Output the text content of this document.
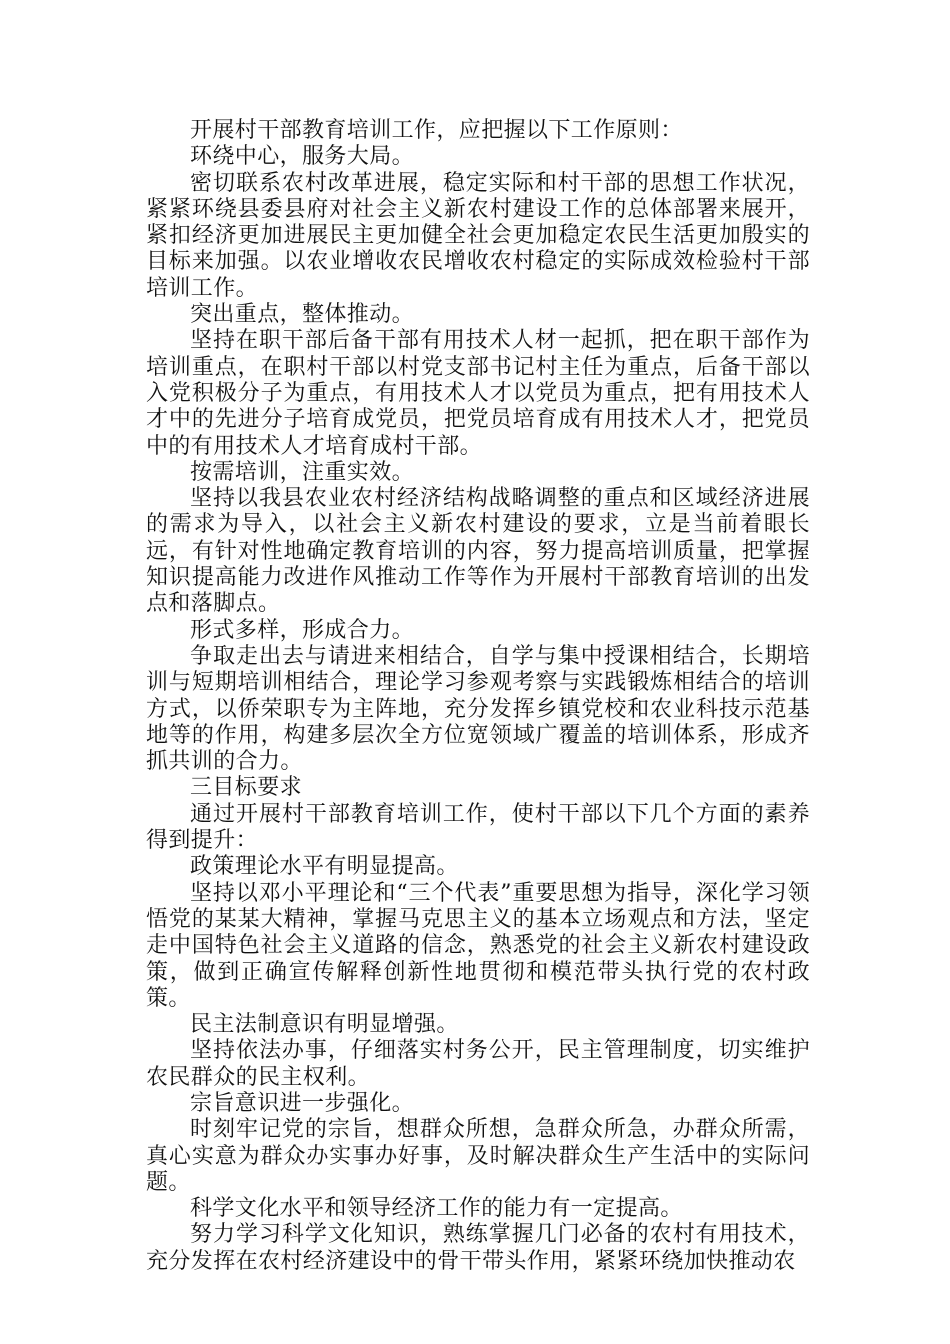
开展村干部教育培训工作，应把握以下工作原则：

环绕中心，服务大局。

密切联系农村改革进展，稳定实际和村干部的思想工作状况，紧紧环绕县委县府对社会主义新农村建设工作的总体部署来展开，紧扣经济更加进展民主更加健全社会更加稳定农民生活更加殷实的目标来加强。以农业增收农民增收农村稳定的实际成效检验村干部培训工作。

突出重点，整体推动。

坚持在职干部后备干部有用技术人材一起抓，把在职干部作为培训重点，在职村干部以村党支部书记村主任为重点，后备干部以入党积极分子为重点，有用技术人才以党员为重点，把有用技术人才中的先进分子培育成党员，把党员培育成有用技术人才，把党员中的有用技术人才培育成村干部。

按需培训，注重实效。

坚持以我县农业农村经济结构战略调整的重点和区域经济进展的需求为导入，以社会主义新农村建设的要求，立是当前着眼长远，有针对性地确定教育培训的内容，努力提高培训质量，把掌握知识提高能力改进作风推动工作等作为开展村干部教育培训的出发点和落脚点。

形式多样，形成合力。

争取走出去与请进来相结合，自学与集中授课相结合，长期培训与短期培训相结合，理论学习参观考察与实践锻炼相结合的培训方式，以侨荣职专为主阵地，充分发挥乡镇党校和农业科技示范基地等的作用，构建多层次全方位宽领域广覆盖的培训体系，形成齐抓共训的合力。

三目标要求

通过开展村干部教育培训工作，使村干部以下几个方面的素养得到提升：

政策理论水平有明显提高。

坚持以邓小平理论和“三个代表”重要思想为指导，深化学习领悟党的某某大精神，掌握马克思主义的基本立场观点和方法，坚定走中国特色社会主义道路的信念，熟悉党的社会主义新农村建设政策，做到正确宣传解释创新性地贯彻和模范带头执行党的农村政策。

民主法制意识有明显增强。

坚持依法办事，仔细落实村务公开，民主管理制度，切实维护农民群众的民主权利。

宗旨意识进一步强化。

时刻牢记党的宗旨，想群众所想，急群众所急，办群众所需，真心实意为群众办实事办好事，及时解决群众生产生活中的实际问题。

科学文化水平和领导经济工作的能力有一定提高。

努力学习科学文化知识，熟练掌握几门必备的农村有用技术，充分发挥在农村经济建设中的骨干带头作用，紧紧环绕加快推动农
